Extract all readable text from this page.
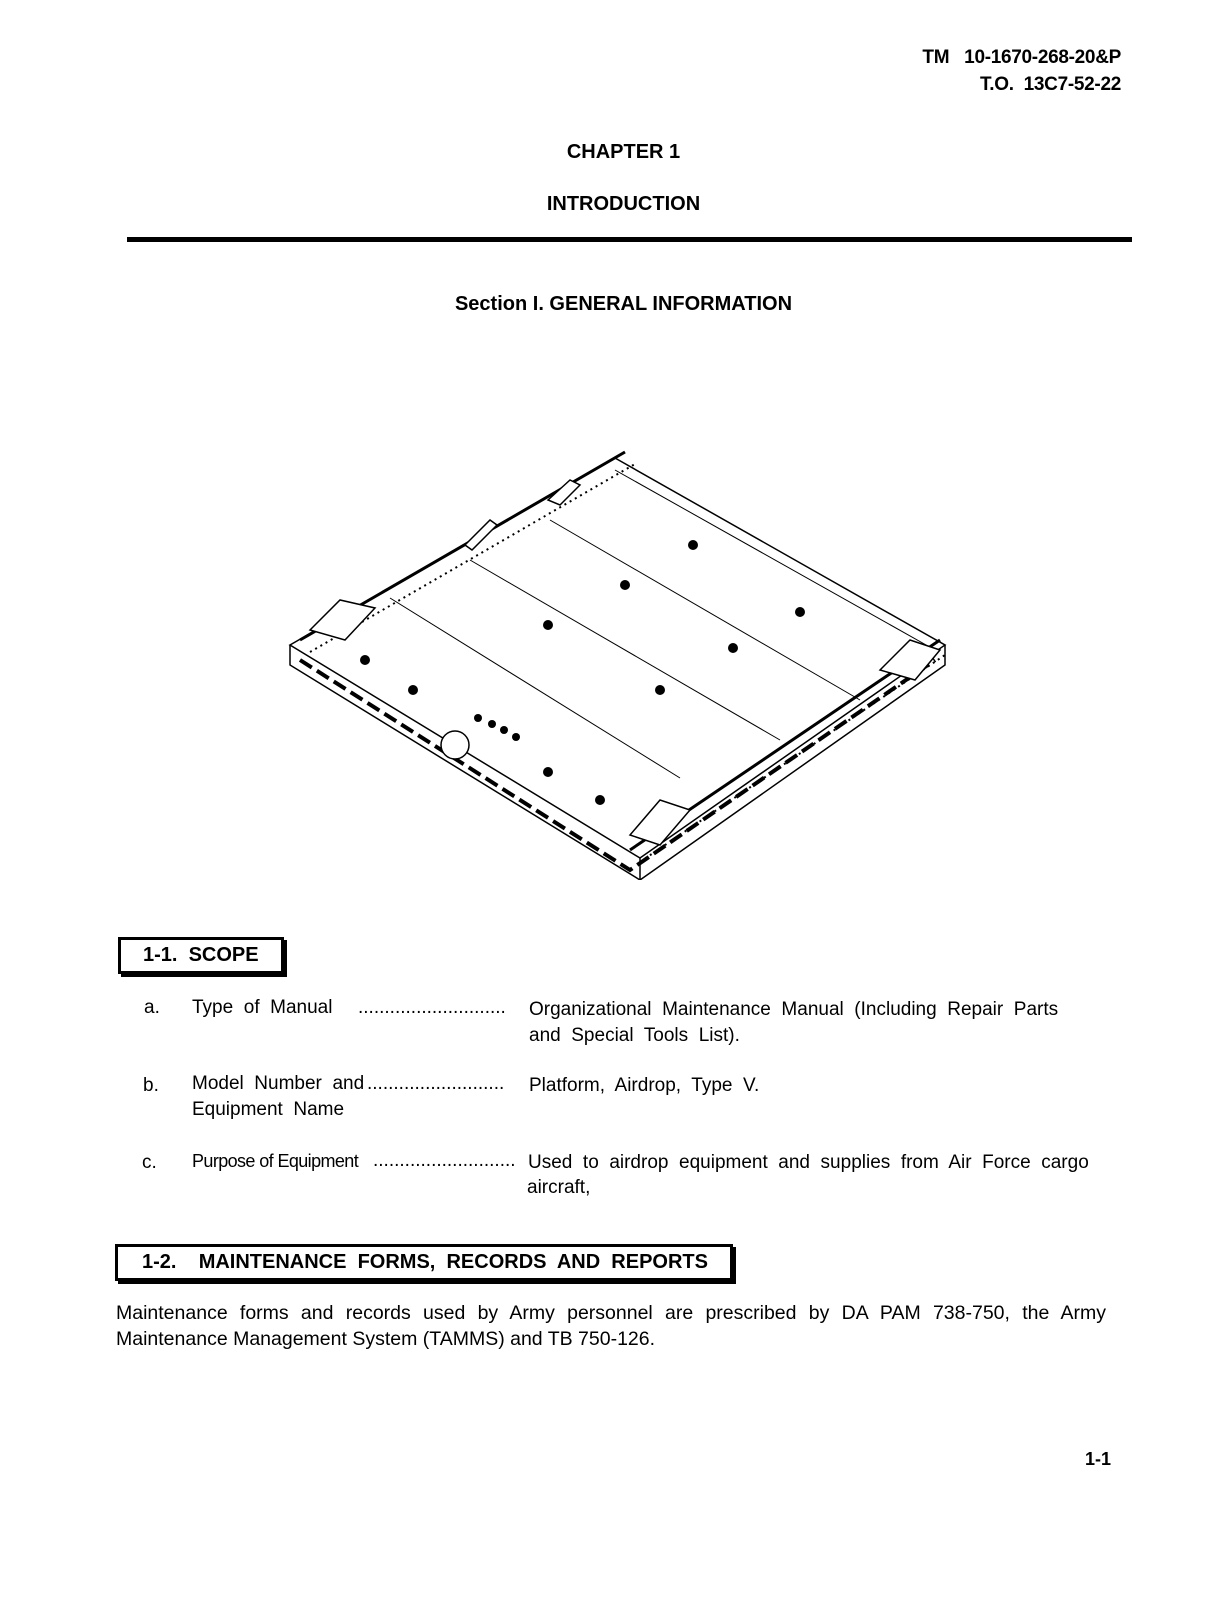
TM   10-1670-268-20&P
T.O.  13C7-52-22
CHAPTER 1
INTRODUCTION
Section I. GENERAL INFORMATION
1-1.  SCOPE
a. Type  of  Manual ............................ Organizational  Maintenance  Manual  (Including  Repair  Parts
and  Special  Tools  List).
b. Model  Number  and
Equipment  Name
.......................... Platform,  Airdrop,  Type  V.
c. Purpose of Equipment ........................... Used  to  airdrop  equipment  and  supplies  from  Air  Force  cargo
aircraft,
1-2.    MAINTENANCE  FORMS,  RECORDS  AND  REPORTS
Maintenance forms and records used by Army personnel are prescribed by DA PAM 738-750, the Army Maintenance Management System (TAMMS) and TB 750-126.
1-1
